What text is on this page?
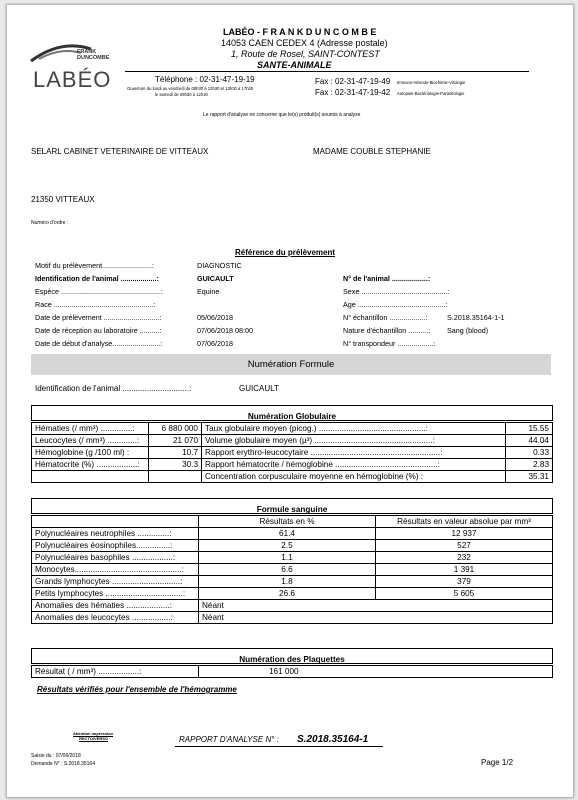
FRANK
DUNCOMBE
LABÉO
LABÉO - F R A N K D U N C O M B E
14053 CAEN CEDEX 4 (Adresse postale)
1, Route de Rosel, SAINT-CONTEST
SANTE-ANIMALE
Téléphone : 02-31-47-19-19
Ouverture du lundi au vendredi de 08h30 à 12h30 et 13h30 à 17h30
le samedi de 08h30 à 12h30
Fax : 02-31-47-19-49 Immuno-Hémato-Biochimie-Virologie
Fax : 02-31-47-19-42 Autopsie-Bactériologie-Parasitologie
Le rapport d'analyse ne concerne que le(s) produit(s) soumis à analyse
SELARL CABINET VETERINAIRE DE VITTEAUX	MADAME COUBLE STEPHANIE
21350 VITTEAUX
Numéro d'ordre :
Référence du prélèvement
Motif du prélèvement.........................:	DIAGNOSTIC
Identification de l'animal ..................:	GUICAULT	N° de l'animal ..................:
Espèce ..................................................:	Equine	Sexe ...........................................:
Race ..................................................:	Age ............................................:
Date de prélèvement ............................:	05/06/2018	N° échantillon ..................:	S.2018.35164-1-1
Date de réception au laboratoire ..........:	07/06/2018 08:00	Nature d'échantillon ..........: Sang (blood)
Date de début d'analyse........................:	07/06/2018	N° transpondeur ..................:
Numération Formule
Identification de l'animal ..............................:	GUICAULT
Numération Globulaire
Hématies (/ mm³) ..............:	6 880 000	Taux globulaire moyen (picog.) ...............................................:	15.55
Leucocytes (/ mm³) .............:	21 070	Volume globulaire moyen (µ³) ....................................................:	44.04
Hémoglobine (g /100 ml) :	10.7	Rapport erythro-leucocytaire .........................................................:	0.33
Hématocrite (%) ..................:	30.3	Rapport hématocrite / hémoglobine .............................................:	2.83
		Concentration corpusculaire moyenne en hémoglobine (%) :	35.31
Formule sanguine
	Résultats en %	Résultats en valeur absolue par mm³
Polynucléaires neutrophiles ..............:	61.4	12 937
Polynucléaires éosinophiles...............:	2.5	527
Polynucléaires basophiles ..................:	1.1	232
Monocytes...............................................:	6.6	1 391
Grands lymphocytes ..............................:	1.8	379
Petits lymphocytes ..................................:	26.6	5 605
Anomalies des hématies ...................:	Néant	
Anomalies des leucocytes .................:	Néant	
Numération des Plaquettes
Résultat ( / mm³) ..................:	161 000
Résultats vérifiés pour l'ensemble de l'hémogramme
Attention impression
RECTO/VERSO	RAPPORT D'ANALYSE N° : S.2018.35164-1
Saisie du : 07/06/2018
Demande N° : S.2018.35164	Page 1/2
